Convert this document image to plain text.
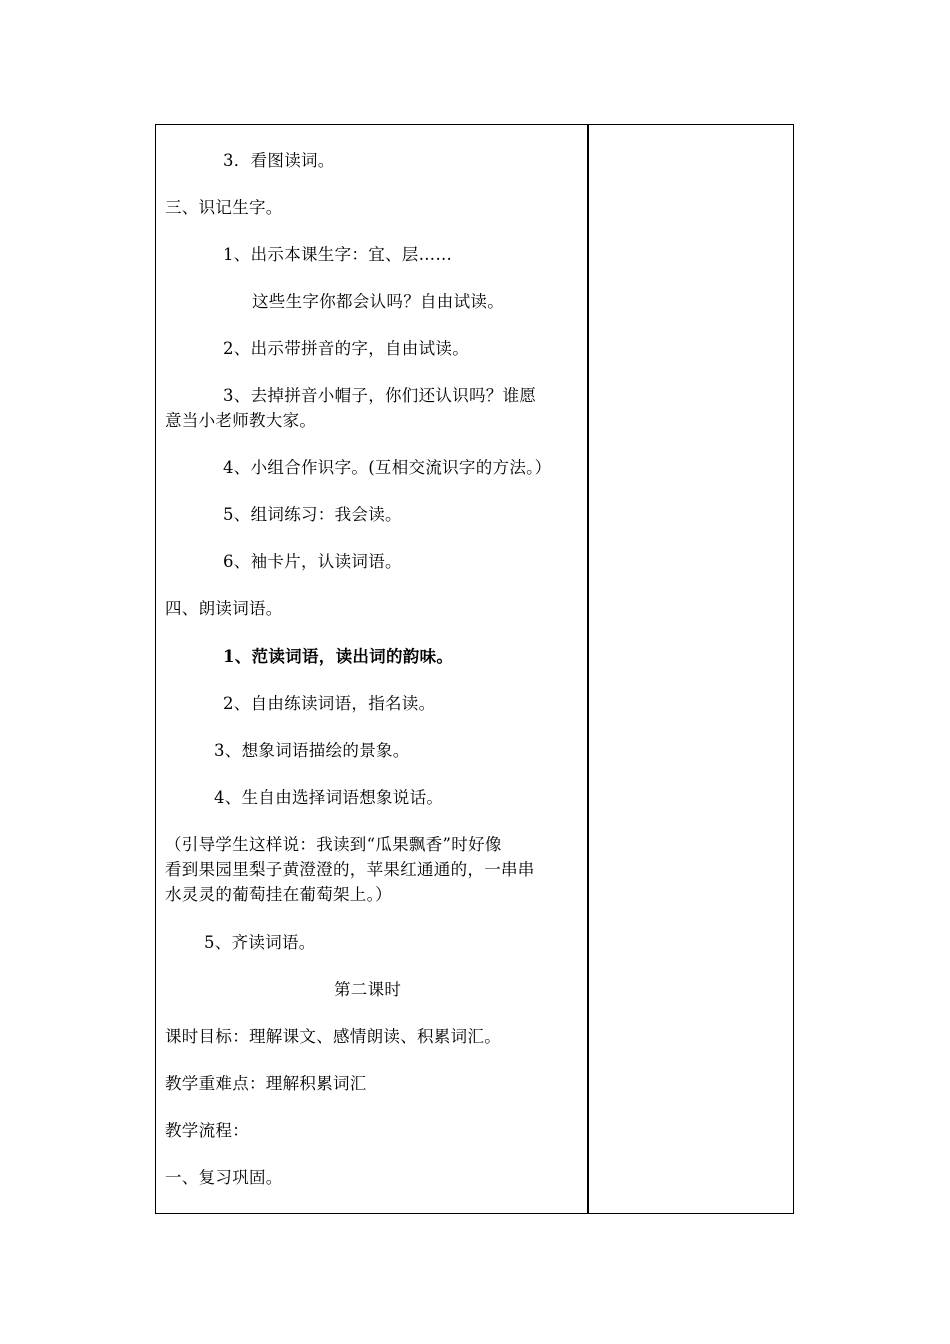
3．看图读词。
三、识记生字。
1、出示本课生字：宜、层……
这些生字你都会认吗？自由试读。
2、出示带拼音的字，自由试读。
3、去掉拼音小帽子，你们还认识吗？谁愿
意当小老师教大家。
4、小组合作识字。(互相交流识字的方法。）
5、组词练习：我会读。
6、袖卡片，认读词语。
四、朗读词语。
1、范读词语，读出词的韵味。
2、自由练读词语，指名读。
3、想象词语描绘的景象。
4、生自由选择词语想象说话。
（引导学生这样说：我读到“瓜果飘香”时好像
看到果园里梨子黄澄澄的，苹果红通通的，一串串
水灵灵的葡萄挂在葡萄架上。）
5、齐读词语。
第二课时
课时目标：理解课文、感情朗读、积累词汇。
教学重难点：理解积累词汇
教学流程：
一、复习巩固。
